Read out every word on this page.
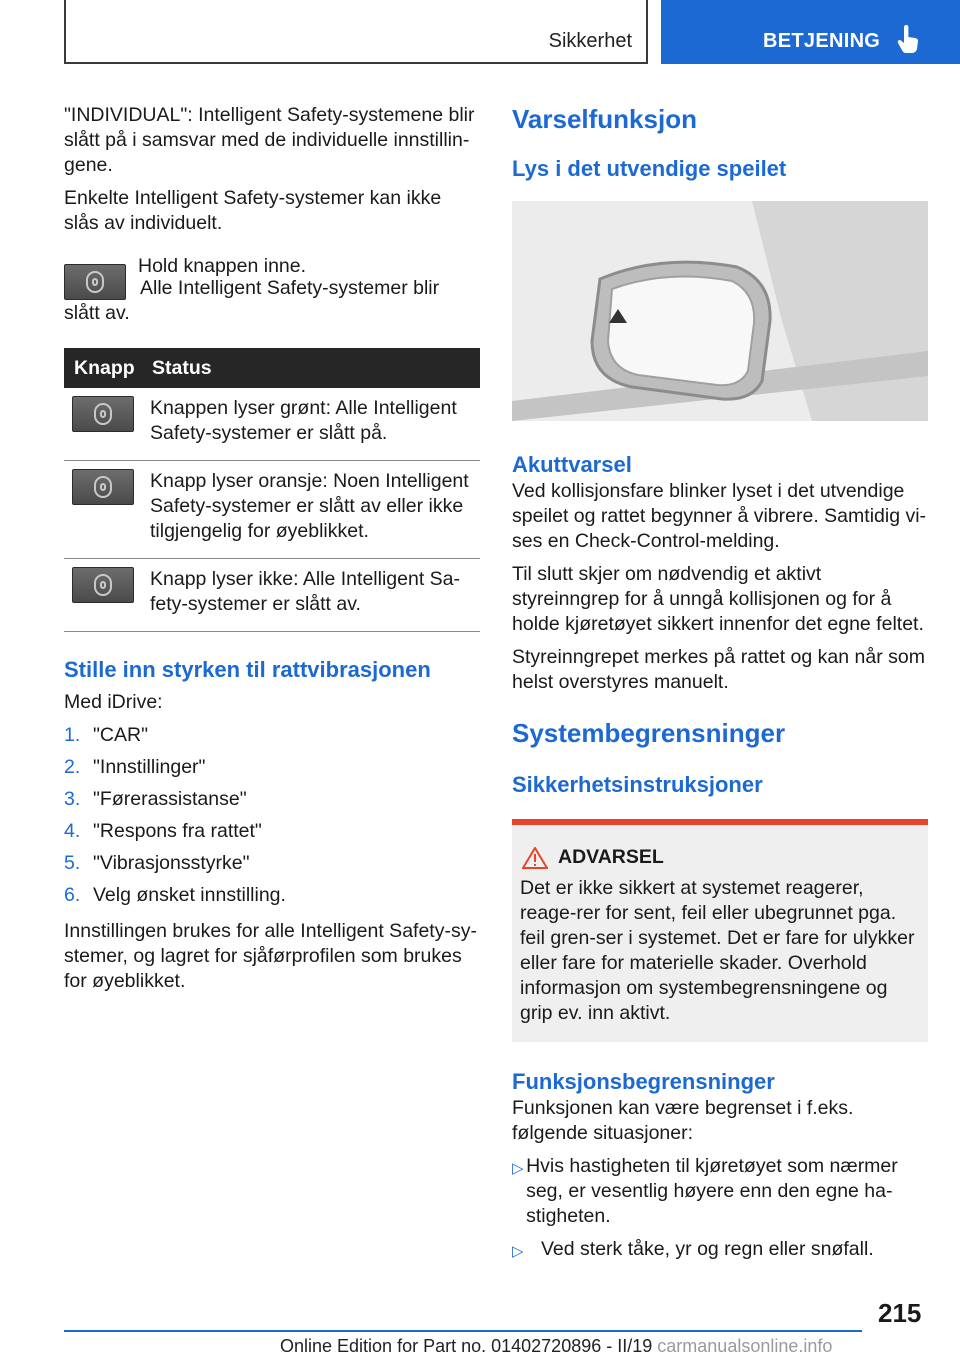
Sikkerhet	BETJENING

"INDIVIDUAL": Intelligent Safety-systemene blir slått på i samsvar med de individuelle innstillin-gene.

Enkelte Intelligent Safety-systemer kan ikke slås av individuelt.

Hold knappen inne.

Alle Intelligent Safety-systemer blir slått av.

Knapp	Status

	Knappen lyser grønt: Alle Intelligent Safety-systemer er slått på.

	Knapp lyser oransje: Noen Intelligent Safety-systemer er slått av eller ikke tilgjengelig for øyeblikket.

	Knapp lyser ikke: Alle Intelligent Sa-fety-systemer er slått av.
Stille inn styrken til rattvibrasjonen

Med iDrive:

1. "CAR"
2. "Innstillinger"
3. "Førerassistanse"
4. "Respons fra rattet"
5. "Vibrasjonsstyrke"
6. Velg ønsket innstilling.

Innstillingen brukes for alle Intelligent Safety-sy-stemer, og lagret for sjåførprofilen som brukes for øyeblikket.

Varselfunksjon
Lys i det utvendige speilet
Akuttvarsel

Ved kollisjonsfare blinker lyset i det utvendige speilet og rattet begynner å vibrere. Samtidig vi-ses en Check-Control-melding.

Til slutt skjer om nødvendig et aktivt styreinngrep for å unngå kollisjonen og for å holde kjøretøyet sikkert innenfor det egne feltet.

Styreinngrepet merkes på rattet og kan når som helst overstyres manuelt.

Systembegrensninger
Sikkerhetsinstruksjoner
ADVARSEL
Det er ikke sikkert at systemet reagerer, reage-rer for sent, feil eller ubegrunnet pga. feil gren-ser i systemet. Det er fare for ulykker eller fare for materielle skader. Overhold informasjon om systembegrensningene og grip ev. inn aktivt.
Funksjonsbegrensninger

Funksjonen kan være begrenset i f.eks. følgende situasjoner:

▷ Hvis hastigheten til kjøretøyet som nærmer seg, er vesentlig høyere enn den egne ha-stigheten.
▷ Ved sterk tåke, yr og regn eller snøfall.
215
Online Edition for Part no. 01402720896 - II/19 carmanualsonline.info
